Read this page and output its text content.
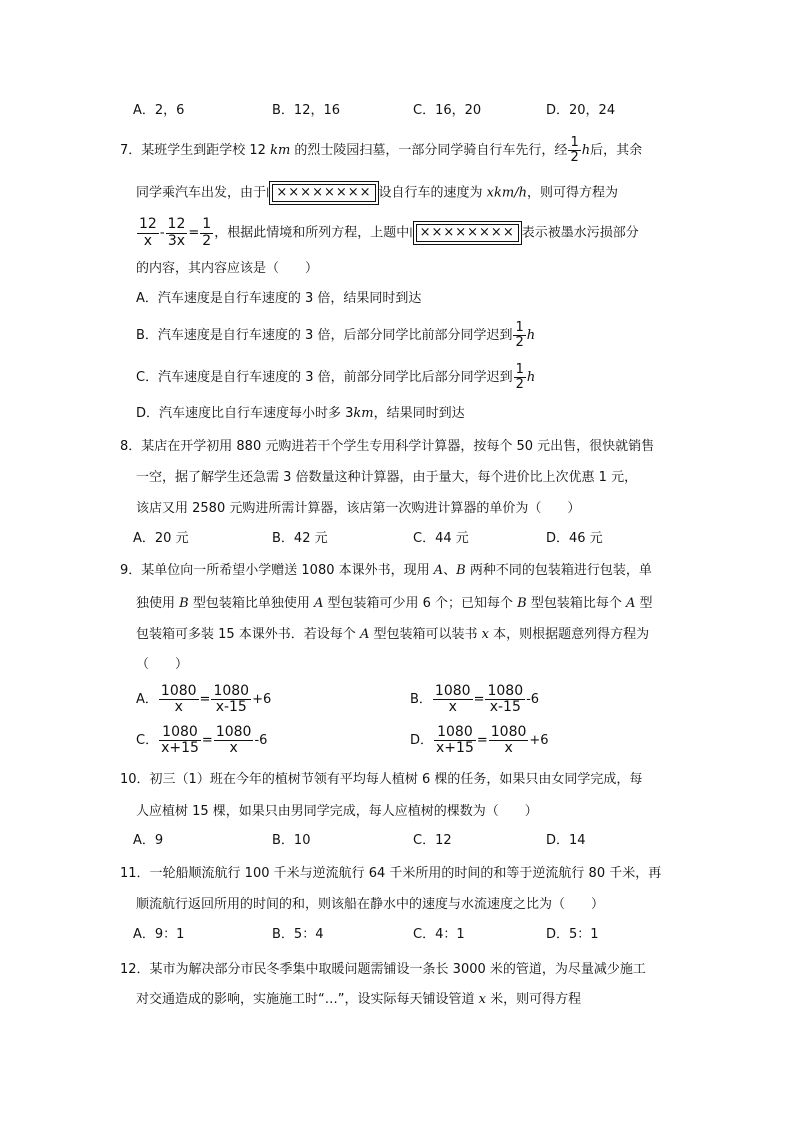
A．2，6	B．12，16	C．16，20	D．20，24
7．某班学生到距学校 12 km 的烈士陵园扫墓，一部分同学骑自行车先行，经 $\frac{1}{2}$ h后，其余
同学乘汽车出发，由于| ×××××××× 设自行车的速度为 xkm/h，则可得方程为
$\frac{12}{x} - \frac{12}{3x} = \frac{1}{2}$ ，根据此情境和所列方程，上题中| ×××××××× 表示被墨水污损部分
的内容，其内容应该是（　　）
A．汽车速度是自行车速度的 3 倍，结果同时到达
B．汽车速度是自行车速度的 3 倍，后部分同学比前部分同学迟到 $\frac{1}{2}$ h
C．汽车速度是自行车速度的 3 倍，前部分同学比后部分同学迟到 $\frac{1}{2}$ h
D．汽车速度比自行车速度每小时多 3km，结果同时到达
8．某店在开学初用 880 元购进若干个学生专用科学计算器，按每个 50 元出售，很快就销售
一空，据了解学生还急需 3 倍数量这种计算器，由于量大，每个进价比上次优惠 1 元，
该店又用 2580 元购进所需计算器，该店第一次购进计算器的单价为（　　）
A．20 元	B．42 元	C．44 元	D．46 元
9．某单位向一所希望小学赠送 1080 本课外书，现用 A、B 两种不同的包装箱进行包装，单
独使用 B 型包装箱比单独使用 A 型包装箱可少用 6 个；已知每个 B 型包装箱比每个 A 型
包装箱可多装 15 本课外书．若设每个 A 型包装箱可以装书 x 本，则根据题意列得方程为
（　　）
A． $\frac{1080}{x} = \frac{1080}{x-15} +6$	B． $\frac{1080}{x} = \frac{1080}{x-15} -6$
C． $\frac{1080}{x+15} = \frac{1080}{x} -6$	D． $\frac{1080}{x+15} = \frac{1080}{x} +6$
10．初三（1）班在今年的植树节领有平均每人植树 6 棵的任务，如果只由女同学完成，每
人应植树 15 棵，如果只由男同学完成，每人应植树的棵数为（　　）
A．9	B．10	C．12	D．14
11．一轮船顺流航行 100 千米与逆流航行 64 千米所用的时间的和等于逆流航行 80 千米，再
顺流航行返回所用的时间的和，则该船在静水中的速度与水流速度之比为（　　）
A．9：1	B．5：4	C．4：1	D．5：1
12．某市为解决部分市民冬季集中取暖问题需铺设一条长 3000 米的管道，为尽量减少施工
对交通造成的影响，实施施工时“…”，设实际每天铺设管道 x 米，则可得方程
